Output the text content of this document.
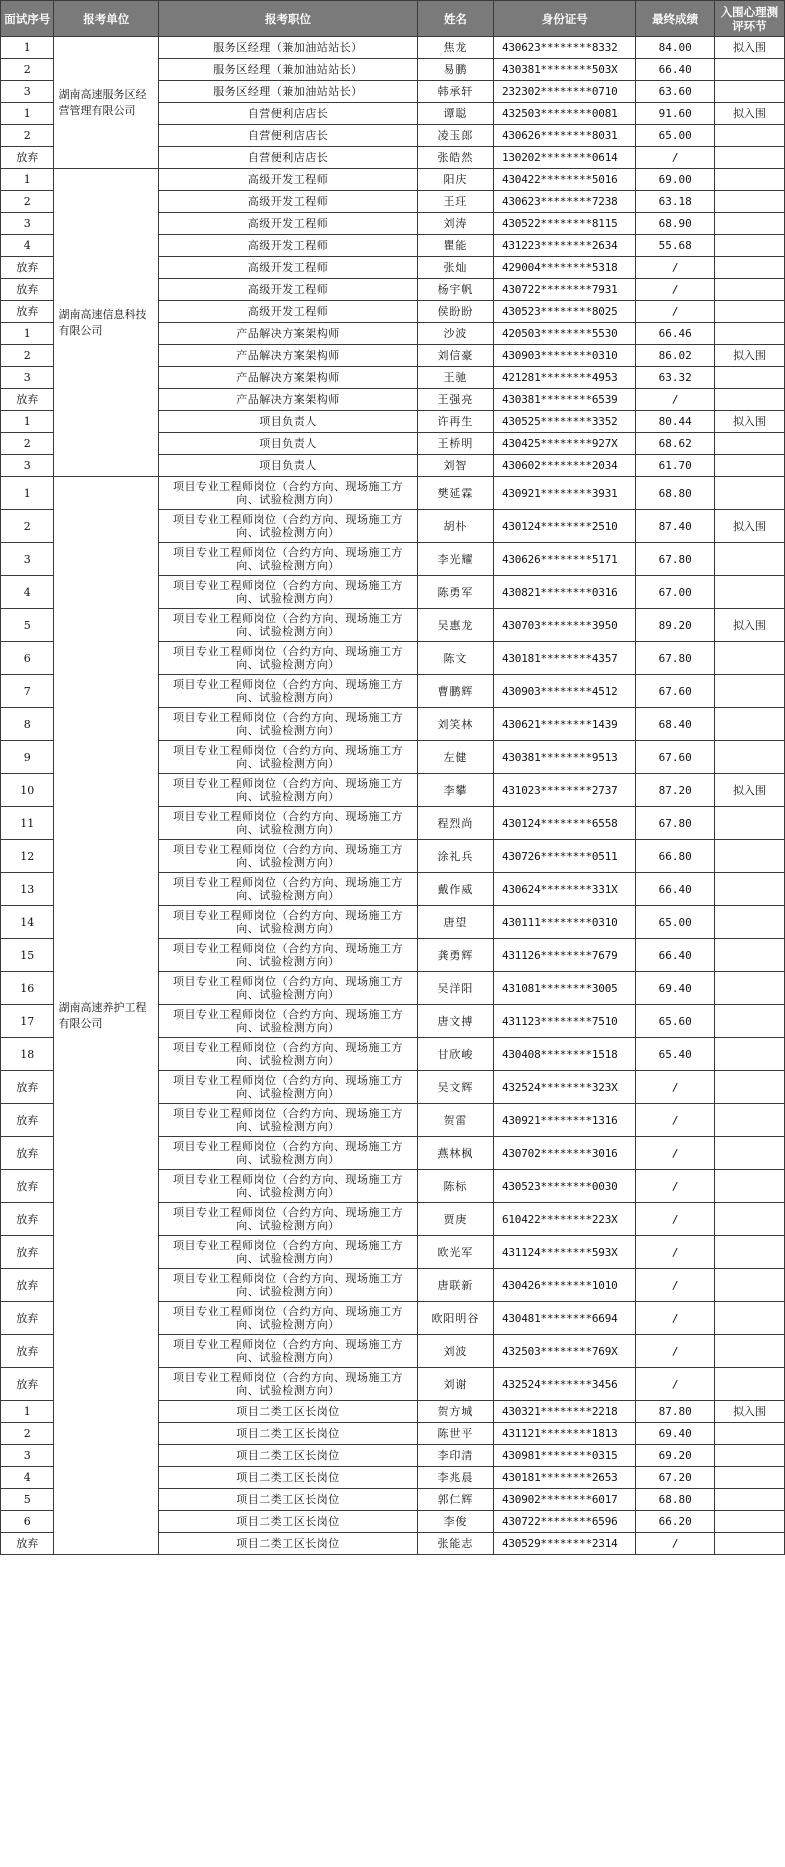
面试序号	报考单位	报考职位	姓名	身份证号	最终成绩	入围心理测评环节
1	湖南高速服务区经营管理有限公司	服务区经理（兼加油站站长）	焦龙	430623********8332	84.00	拟入围
2		服务区经理（兼加油站站长）	易鹏	430381********503X	66.40	
3		服务区经理（兼加油站站长）	韩承轩	232302********0710	63.60	
1		自营便利店店长	谭聪	432503********0081	91.60	拟入围
2		自营便利店店长	凌玉郎	430626********8031	65.00	
放弃		自营便利店店长	张皓然	130202********0614	/	
1	湖南高速信息科技有限公司	高级开发工程师	阳庆	430422********5016	69.00	
2		高级开发工程师	王玨	430623********7238	63.18	
3		高级开发工程师	刘涛	430522********8115	68.90	
4		高级开发工程师	瞿能	431223********2634	55.68	
放弃		高级开发工程师	张灿	429004********5318	/	
放弃		高级开发工程师	杨宇帆	430722********7931	/	
放弃		高级开发工程师	侯盼盼	430523********8025	/	
1		产品解决方案架构师	沙波	420503********5530	66.46	
2		产品解决方案架构师	刘信豪	430903********0310	86.02	拟入围
3		产品解决方案架构师	王驰	421281********4953	63.32	
放弃		产品解决方案架构师	王强亮	430381********6539	/	
1		项目负责人	许再生	430525********3352	80.44	拟入围
2		项目负责人	王桥明	430425********927X	68.62	
3		项目负责人	刘智	430602********2034	61.70	
1	湖南高速养护工程有限公司	项目专业工程师岗位（合约方向、现场施工方向、试验检测方向）	樊延霖	430921********3931	68.80	
2		项目专业工程师岗位（合约方向、现场施工方向、试验检测方向）	胡朴	430124********2510	87.40	拟入围
3		项目专业工程师岗位（合约方向、现场施工方向、试验检测方向）	李光耀	430626********5171	67.80	
4		项目专业工程师岗位（合约方向、现场施工方向、试验检测方向）	陈勇军	430821********0316	67.00	
5		项目专业工程师岗位（合约方向、现场施工方向、试验检测方向）	吴惠龙	430703********3950	89.20	拟入围
6		项目专业工程师岗位（合约方向、现场施工方向、试验检测方向）	陈文	430181********4357	67.80	
7		项目专业工程师岗位（合约方向、现场施工方向、试验检测方向）	曹鹏辉	430903********4512	67.60	
8		项目专业工程师岗位（合约方向、现场施工方向、试验检测方向）	刘笑林	430621********1439	68.40	
9		项目专业工程师岗位（合约方向、现场施工方向、试验检测方向）	左健	430381********9513	67.60	
10		项目专业工程师岗位（合约方向、现场施工方向、试验检测方向）	李攀	431023********2737	87.20	拟入围
11		项目专业工程师岗位（合约方向、现场施工方向、试验检测方向）	程烈尚	430124********6558	67.80	
12		项目专业工程师岗位（合约方向、现场施工方向、试验检测方向）	涂礼兵	430726********0511	66.80	
13		项目专业工程师岗位（合约方向、现场施工方向、试验检测方向）	戴作威	430624********331X	66.40	
14		项目专业工程师岗位（合约方向、现场施工方向、试验检测方向）	唐望	430111********0310	65.00	
15		项目专业工程师岗位（合约方向、现场施工方向、试验检测方向）	龚勇辉	431126********7679	66.40	
16		项目专业工程师岗位（合约方向、现场施工方向、试验检测方向）	吴洋阳	431081********3005	69.40	
17		项目专业工程师岗位（合约方向、现场施工方向、试验检测方向）	唐文搏	431123********7510	65.60	
18		项目专业工程师岗位（合约方向、现场施工方向、试验检测方向）	甘欣峻	430408********1518	65.40	
放弃		项目专业工程师岗位（合约方向、现场施工方向、试验检测方向）	吴文辉	432524********323X	/	
放弃		项目专业工程师岗位（合约方向、现场施工方向、试验检测方向）	贺雷	430921********1316	/	
放弃		项目专业工程师岗位（合约方向、现场施工方向、试验检测方向）	燕林枫	430702********3016	/	
放弃		项目专业工程师岗位（合约方向、现场施工方向、试验检测方向）	陈标	430523********0030	/	
放弃		项目专业工程师岗位（合约方向、现场施工方向、试验检测方向）	贾庚	610422********223X	/	
放弃		项目专业工程师岗位（合约方向、现场施工方向、试验检测方向）	欧光军	431124********593X	/	
放弃		项目专业工程师岗位（合约方向、现场施工方向、试验检测方向）	唐联新	430426********1010	/	
放弃		项目专业工程师岗位（合约方向、现场施工方向、试验检测方向）	欧阳明谷	430481********6694	/	
放弃		项目专业工程师岗位（合约方向、现场施工方向、试验检测方向）	刘波	432503********769X	/	
放弃		项目专业工程师岗位（合约方向、现场施工方向、试验检测方向）	刘谢	432524********3456	/	
1		项目二类工区长岗位	贺方城	430321********2218	87.80	拟入围
2		项目二类工区长岗位	陈世平	431121********1813	69.40	
3		项目二类工区长岗位	李印清	430981********0315	69.20	
4		项目二类工区长岗位	李兆晨	430181********2653	67.20	
5		项目二类工区长岗位	郭仁辉	430902********6017	68.80	
6		项目二类工区长岗位	李俊	430722********6596	66.20	
放弃		项目二类工区长岗位	张能志	430529********2314	/	
